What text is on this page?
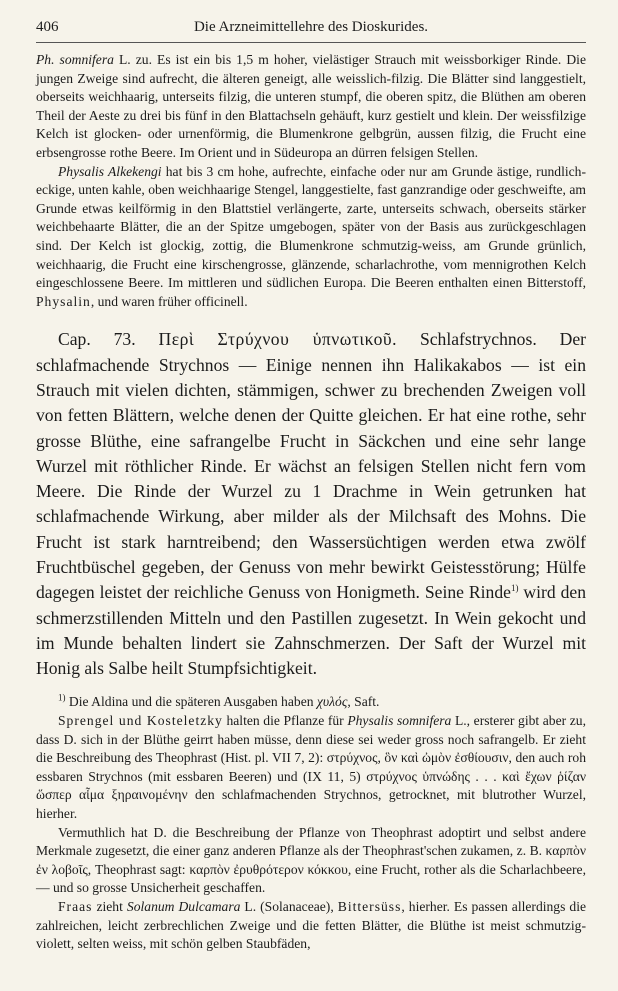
406	Die Arzneimittellehre des Dioskurides.

Ph. somnifera L. zu. Es ist ein bis 1,5 m hoher, vielästiger Strauch mit weissborkiger Rinde. Die jungen Zweige sind aufrecht, die älteren geneigt, alle weisslich-filzig. Die Blätter sind langgestielt, oberseits weichhaarig, unterseits filzig, die unteren stumpf, die oberen spitz, die Blüthen am oberen Theil der Aeste zu drei bis fünf in den Blattachseln gehäuft, kurz gestielt und klein. Der weissfilzige Kelch ist glocken- oder urnenförmig, die Blumenkrone gelbgrün, aussen filzig, die Frucht eine erbsengrosse rothe Beere. Im Orient und in Südeuropa an dürren felsigen Stellen.

Physalis Alkekengi hat bis 3 cm hohe, aufrechte, einfache oder nur am Grunde ästige, rundlich-eckige, unten kahle, oben weichhaarige Stengel, langgestielte, fast ganzrandige oder geschweifte, am Grunde etwas keilförmig in den Blattstiel verlängerte, zarte, unterseits schwach, oberseits stärker weichbehaarte Blätter, die an der Spitze umgebogen, später von der Basis aus zurückgeschlagen sind. Der Kelch ist glockig, zottig, die Blumenkrone schmutzig-weiss, am Grunde grünlich, weichhaarig, die Frucht eine kirschengrosse, glänzende, scharlachrothe, vom mennigrothen Kelch eingeschlossene Beere. Im mittleren und südlichen Europa. Die Beeren enthalten einen Bitterstoff, Physalin, und waren früher officinell.

Cap. 73. Περὶ Στρύχνου ὑπνωτικοῦ. Schlafstrychnos. Der schlafmachende Strychnos — Einige nennen ihn Halikakabos — ist ein Strauch mit vielen dichten, stämmigen, schwer zu brechenden Zweigen voll von fetten Blättern, welche denen der Quitte gleichen. Er hat eine rothe, sehr grosse Blüthe, eine safrangelbe Frucht in Säckchen und eine sehr lange Wurzel mit röthlicher Rinde. Er wächst an felsigen Stellen nicht fern vom Meere. Die Rinde der Wurzel zu 1 Drachme in Wein getrunken hat schlafmachende Wirkung, aber milder als der Milchsaft des Mohns. Die Frucht ist stark harntreibend; den Wassersüchtigen werden etwa zwölf Fruchtbüschel gegeben, der Genuss von mehr bewirkt Geistesstörung; Hülfe dagegen leistet der reichliche Genuss von Honigmeth. Seine Rinde$^{1)}$ wird den schmerzstillenden Mitteln und den Pastillen zugesetzt. In Wein gekocht und im Munde behalten lindert sie Zahnschmerzen. Der Saft der Wurzel mit Honig als Salbe heilt Stumpfsichtigkeit.

$^{1)}$ Die Aldina und die späteren Ausgaben haben χυλός, Saft.

Sprengel und Kosteletzky halten die Pflanze für Physalis somnifera L., ersterer gibt aber zu, dass D. sich in der Blüthe geirrt haben müsse, denn diese sei weder gross noch safrangelb. Er zieht die Beschreibung des Theophrast (Hist. pl. VII 7, 2): στρύχνος, ὃν καὶ ὠμὸν ἐσθίουσιν, den auch roh essbaren Strychnos (mit essbaren Beeren) und (IX 11, 5) στρύχνος ὑπνώδης . . . καὶ ἔχων ῥίζαν ὥσπερ αἷμα ξηραινομένην den schlafmachenden Strychnos, getrocknet, mit blutrother Wurzel, hierher.

Vermuthlich hat D. die Beschreibung der Pflanze von Theophrast adoptirt und selbst andere Merkmale zugesetzt, die einer ganz anderen Pflanze als der Theophrast'schen zukamen, z. B. καρπὸν ἐν λοβοῖς, Theophrast sagt: καρπὸν ἐρυθρότερον κόκκου, eine Frucht, rother als die Scharlachbeere, — und so grosse Unsicherheit geschaffen.

Fraas zieht Solanum Dulcamara L. (Solanaceae), Bittersüss, hierher. Es passen allerdings die zahlreichen, leicht zerbrechlichen Zweige und die fetten Blätter, die Blüthe ist meist schmutzig-violett, selten weiss, mit schön gelben Staubfäden,
